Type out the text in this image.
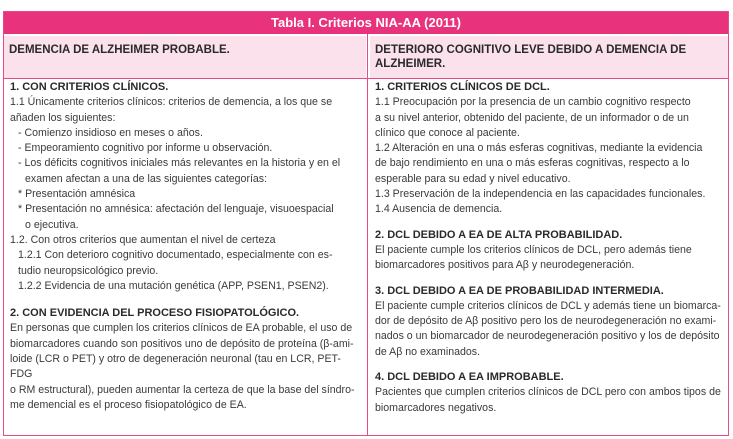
Tabla I. Criterios NIA-AA (2011)
DEMENCIA DE ALZHEIMER PROBABLE.	DETERIORO COGNITIVO LEVE DEBIDO A DEMENCIA DE ALZHEIMER.
1. CON CRITERIOS CLÍNICOS.
1.1 Únicamente criterios clínicos: criterios de demencia, a los que se
añaden los siguientes:
- Comienzo insidioso en meses o años.
- Empeoramiento cognitivo por informe u observación.
- Los déficits cognitivos iniciales más relevantes en la historia y en el
examen afectan a una de las siguientes categorías:
* Presentación amnésica
* Presentación no amnésica: afectación del lenguaje, visuoespacial
o ejecutiva.
1.2. Con otros criterios que aumentan el nivel de certeza
1.2.1 Con deterioro cognitivo documentado, especialmente con es-
tudio neuropsicológico previo.
1.2.2 Evidencia de una mutación genética (APP, PSEN1, PSEN2).
2. CON EVIDENCIA DEL PROCESO FISIOPATOLÓGICO.
En personas que cumplen los criterios clínicos de EA probable, el uso de
biomarcadores cuando son positivos uno de depósito de proteína (β-ami-
loide (LCR o PET) y otro de degeneración neuronal (tau en LCR, PET-FDG
o RM estructural), pueden aumentar la certeza de que la base del síndro-
me demencial es el proceso fisiopatológico de EA.
1. CRITERIOS CLÍNICOS DE DCL.
1.1 Preocupación por la presencia de un cambio cognitivo respecto
a su nivel anterior, obtenido del paciente, de un informador o de un
clínico que conoce al paciente.
1.2 Alteración en una o más esferas cognitivas, mediante la evidencia
de bajo rendimiento en una o más esferas cognitivas, respecto a lo
esperable para su edad y nivel educativo.
1.3 Preservación de la independencia en las capacidades funcionales.
1.4 Ausencia de demencia.
2. DCL DEBIDO A EA DE ALTA PROBABILIDAD.
El paciente cumple los criterios clínicos de DCL, pero además tiene
biomarcadores positivos para Aβ y neurodegeneración.
3. DCL DEBIDO A EA DE PROBABILIDAD INTERMEDIA.
El paciente cumple criterios clínicos de DCL y además tiene un biomarca-
dor de depósito de Aβ positivo pero los de neurodegeneración no exami-
nados o un biomarcador de neurodegeneración positivo y los de depósito
de Aβ no examinados.
4. DCL DEBIDO A EA IMPROBABLE.
Pacientes que cumplen criterios clínicos de DCL pero con ambos tipos de
biomarcadores negativos.
